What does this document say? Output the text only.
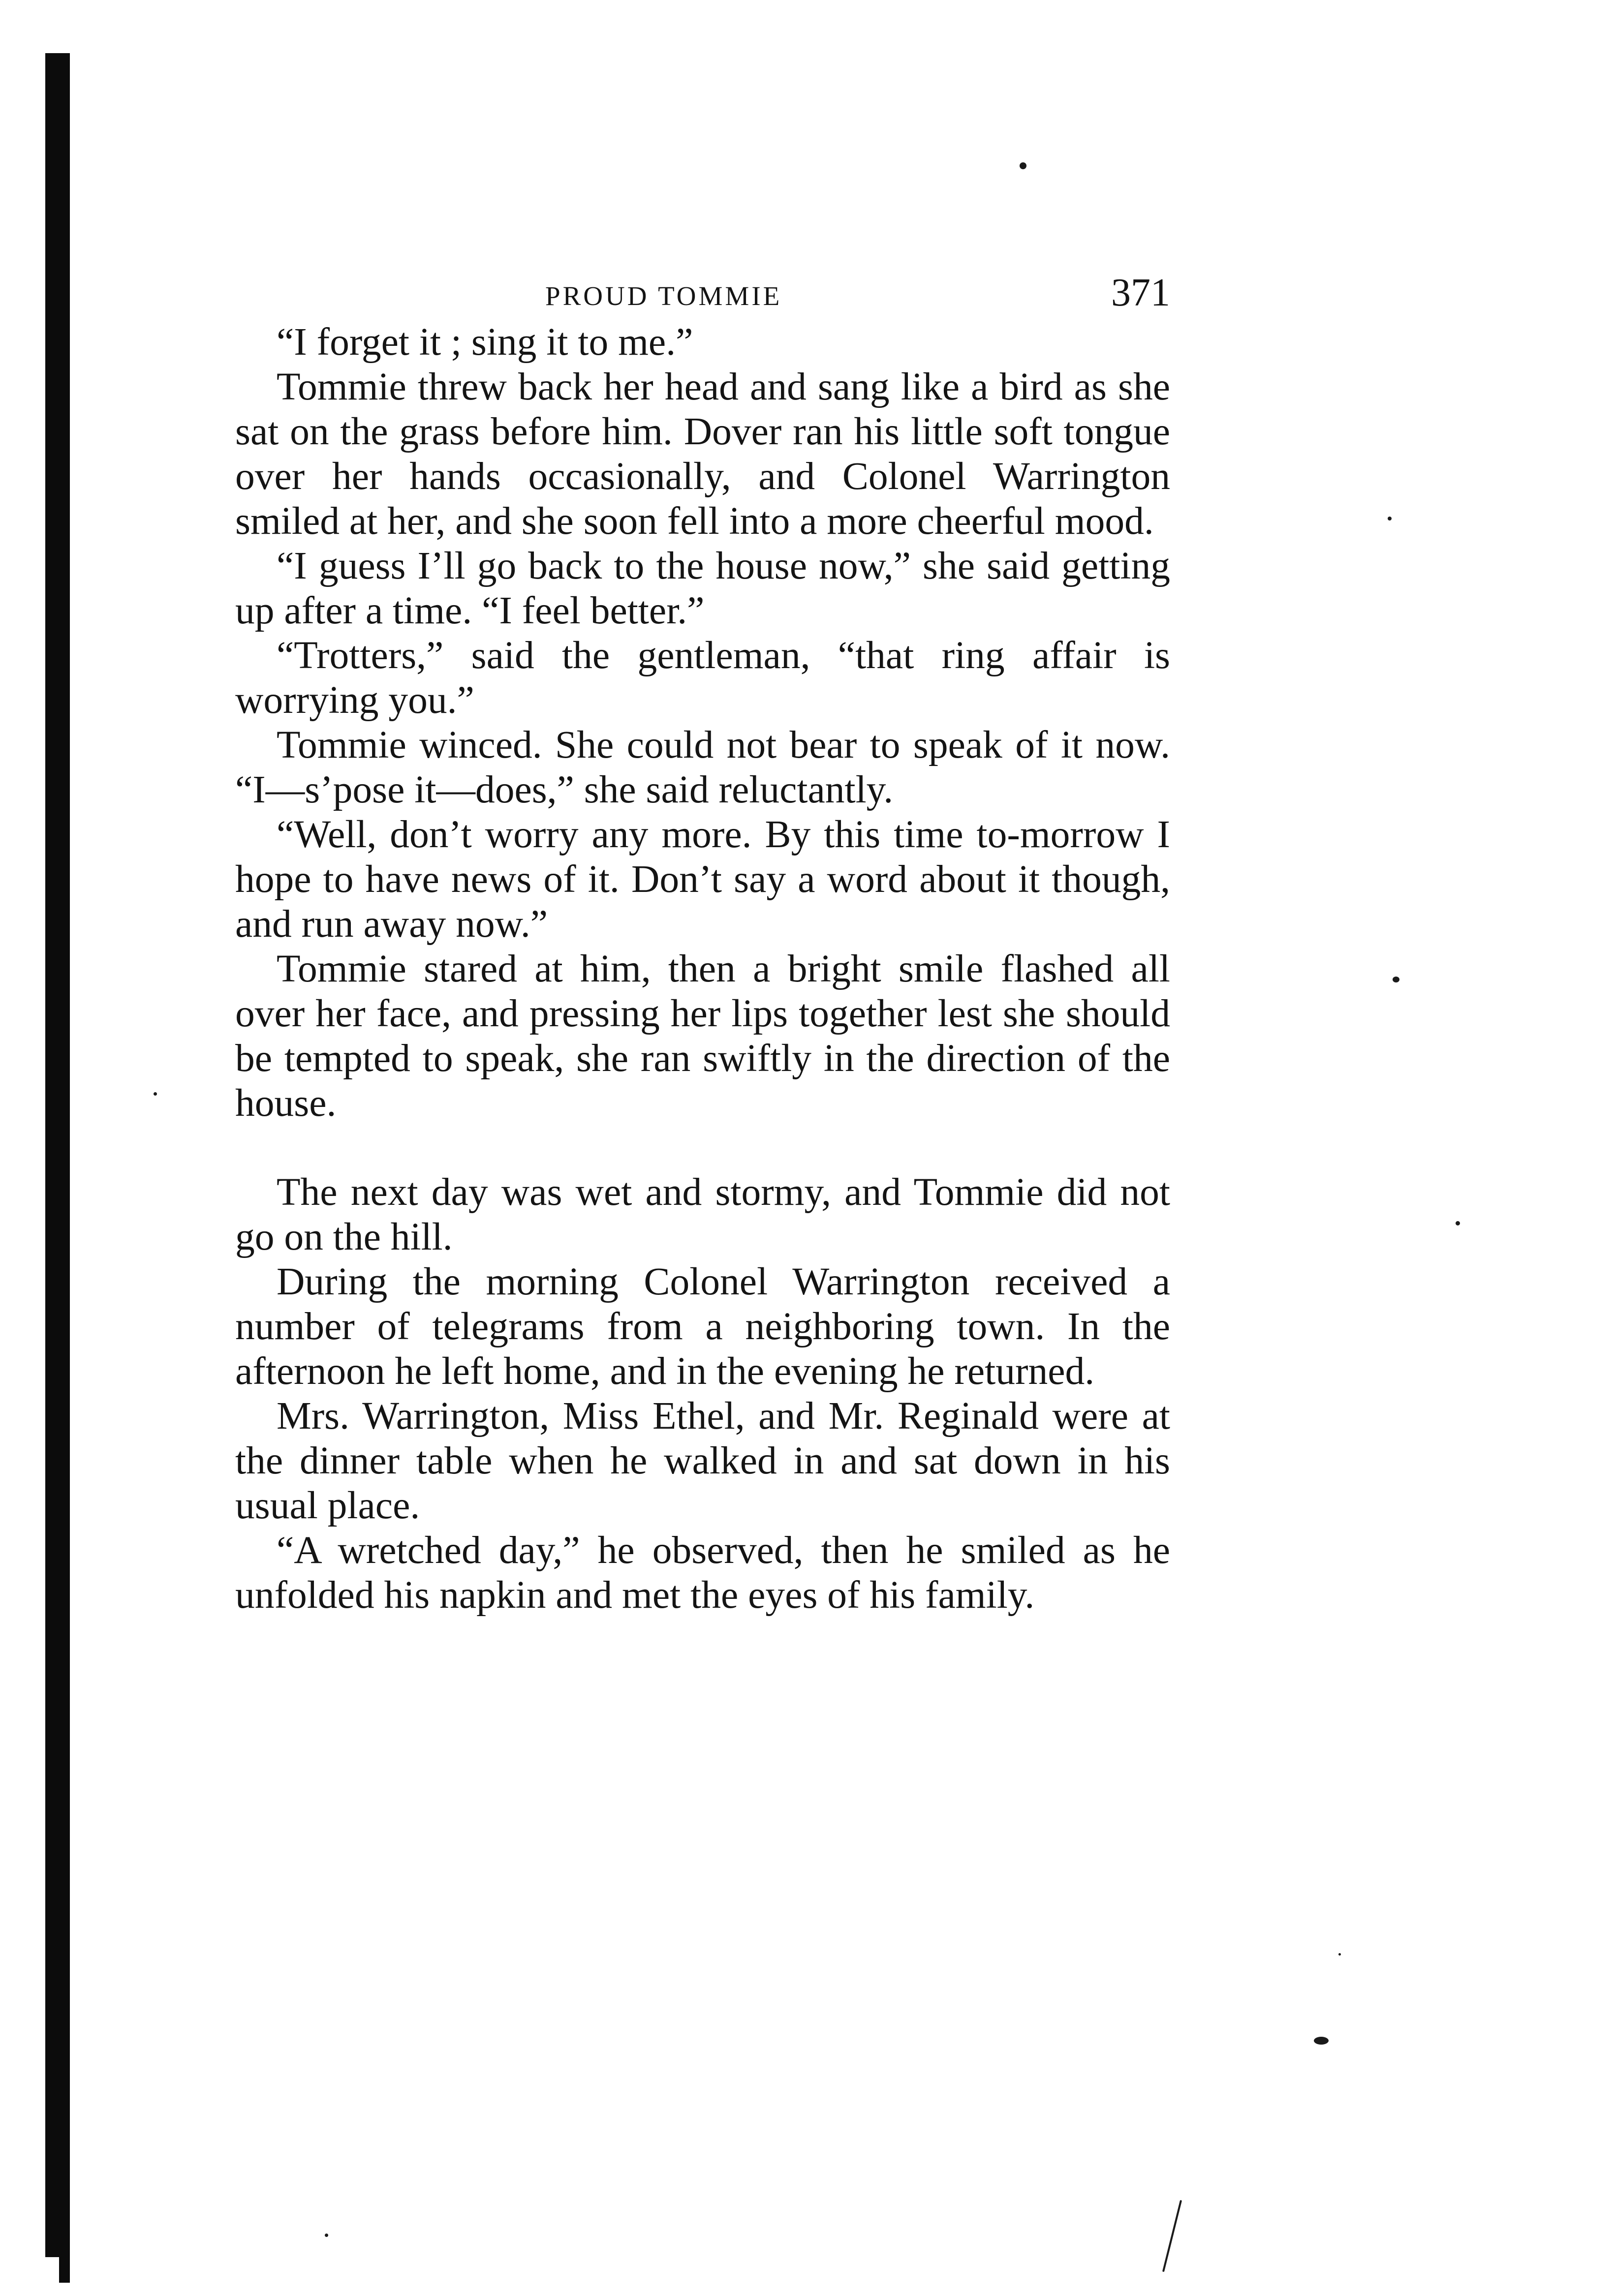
PROUD TOMMIE	371

“I forget it ; sing it to me.”

Tommie threw back her head and sang like a bird as she sat on the grass before him. Dover ran his little soft tongue over her hands occasionally, and Colonel Warrington smiled at her, and she soon fell into a more cheerful mood.

“I guess I’ll go back to the house now,” she said getting up after a time. “I feel better.”

“Trotters,” said the gentleman, “that ring affair is worrying you.”

Tommie winced. She could not bear to speak of it now. “I—s’pose it—does,” she said reluctantly.

“Well, don’t worry any more. By this time to-morrow I hope to have news of it. Don’t say a word about it though, and run away now.”

Tommie stared at him, then a bright smile flashed all over her face, and pressing her lips together lest she should be tempted to speak, she ran swiftly in the direction of the house.

The next day was wet and stormy, and Tommie did not go on the hill.

During the morning Colonel Warrington received a number of telegrams from a neighboring town. In the afternoon he left home, and in the evening he returned.

Mrs. Warrington, Miss Ethel, and Mr. Reginald were at the dinner table when he walked in and sat down in his usual place.

“A wretched day,” he observed, then he smiled as he unfolded his napkin and met the eyes of his family.
